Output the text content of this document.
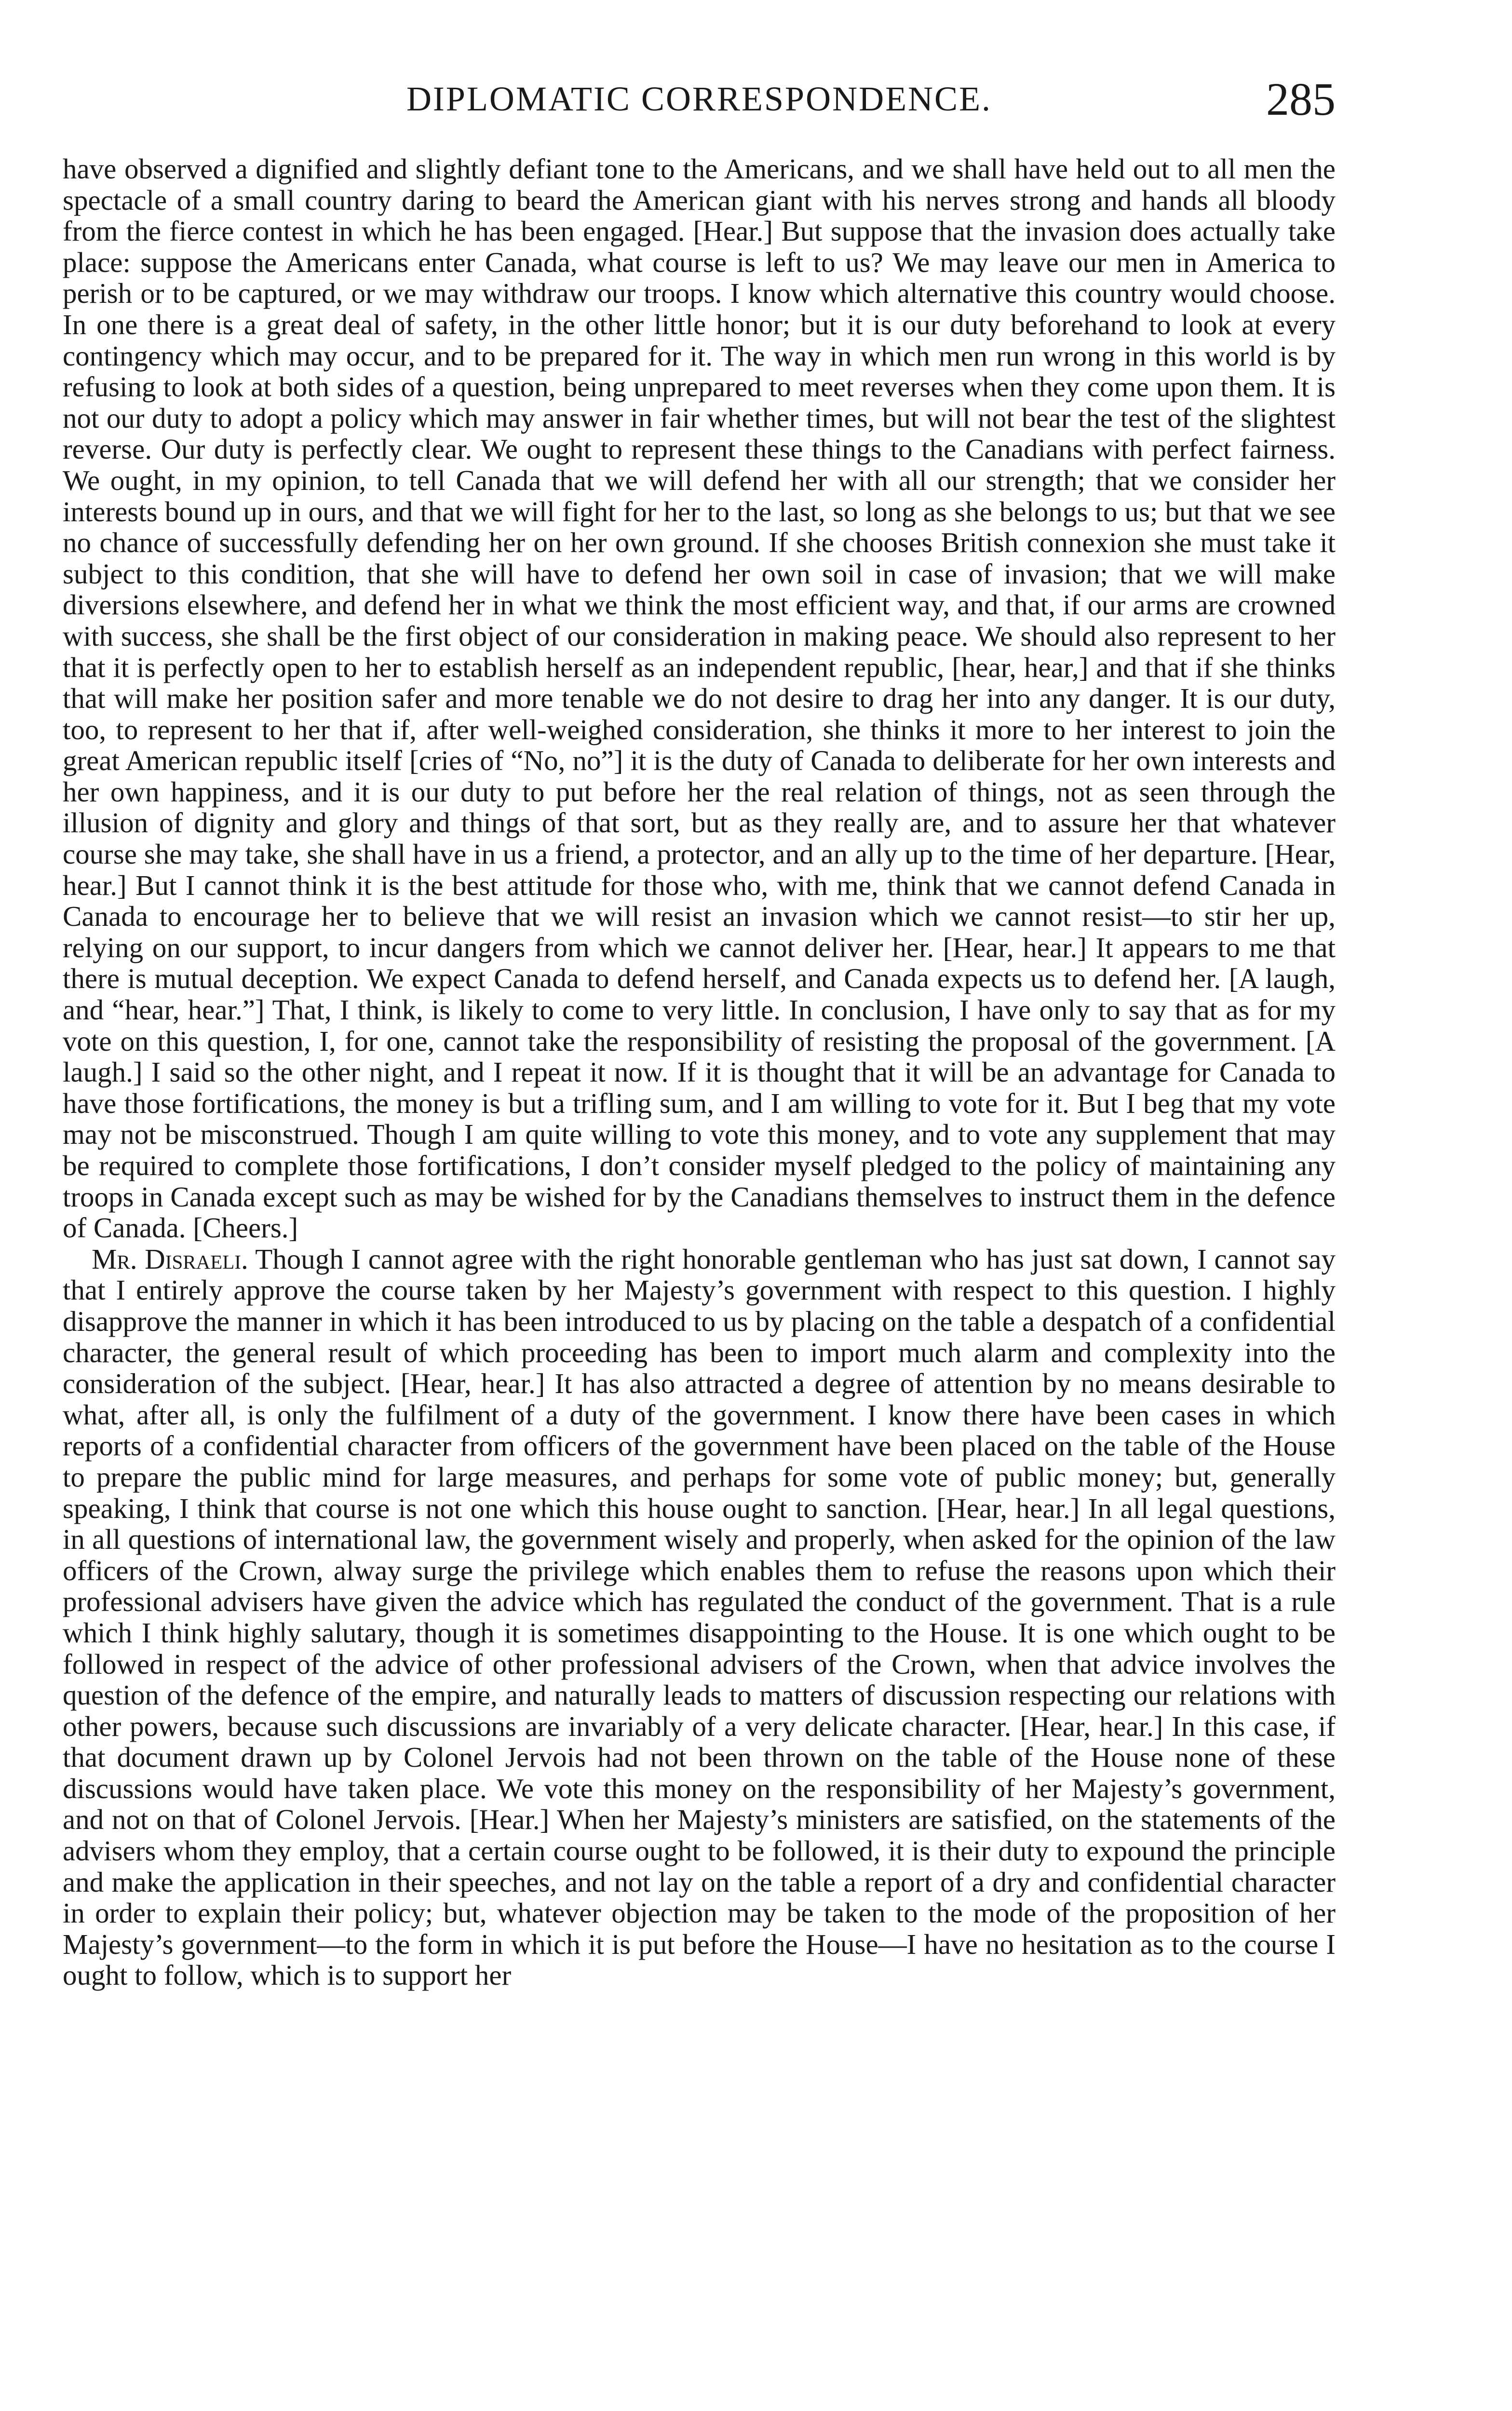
DIPLOMATIC CORRESPONDENCE.	285

have observed a dignified and slightly defiant tone to the Americans, and we shall have held out to all men the spectacle of a small country daring to beard the American giant with his nerves strong and hands all bloody from the fierce contest in which he has been engaged. [Hear.] But suppose that the invasion does actually take place: suppose the Americans enter Canada, what course is left to us? We may leave our men in America to perish or to be captured, or we may withdraw our troops. I know which alternative this country would choose. In one there is a great deal of safety, in the other little honor; but it is our duty beforehand to look at every contingency which may occur, and to be prepared for it. The way in which men run wrong in this world is by refusing to look at both sides of a question, being unprepared to meet reverses when they come upon them. It is not our duty to adopt a policy which may answer in fair whether times, but will not bear the test of the slightest reverse. Our duty is perfectly clear. We ought to represent these things to the Canadians with perfect fairness. We ought, in my opinion, to tell Canada that we will defend her with all our strength; that we consider her interests bound up in ours, and that we will fight for her to the last, so long as she belongs to us; but that we see no chance of successfully defending her on her own ground. If she chooses British connexion she must take it subject to this condition, that she will have to defend her own soil in case of invasion; that we will make diversions elsewhere, and defend her in what we think the most efficient way, and that, if our arms are crowned with success, she shall be the first object of our consideration in making peace. We should also represent to her that it is perfectly open to her to establish herself as an independent republic, [hear, hear,] and that if she thinks that will make her position safer and more tenable we do not desire to drag her into any danger. It is our duty, too, to represent to her that if, after well-weighed consideration, she thinks it more to her interest to join the great American republic itself [cries of “No, no”] it is the duty of Canada to deliberate for her own interests and her own happiness, and it is our duty to put before her the real relation of things, not as seen through the illusion of dignity and glory and things of that sort, but as they really are, and to assure her that whatever course she may take, she shall have in us a friend, a protector, and an ally up to the time of her departure. [Hear, hear.] But I cannot think it is the best attitude for those who, with me, think that we cannot defend Canada in Canada to encourage her to believe that we will resist an invasion which we cannot resist—to stir her up, relying on our support, to incur dangers from which we cannot deliver her. [Hear, hear.] It appears to me that there is mutual deception. We expect Canada to defend herself, and Canada expects us to defend her. [A laugh, and “hear, hear.”] That, I think, is likely to come to very little. In conclusion, I have only to say that as for my vote on this question, I, for one, cannot take the responsibility of resisting the proposal of the government. [A laugh.] I said so the other night, and I repeat it now. If it is thought that it will be an advantage for Canada to have those fortifications, the money is but a trifling sum, and I am willing to vote for it. But I beg that my vote may not be misconstrued. Though I am quite willing to vote this money, and to vote any supplement that may be required to complete those fortifications, I don’t consider myself pledged to the policy of maintaining any troops in Canada except such as may be wished for by the Canadians themselves to instruct them in the defence of Canada. [Cheers.]

Mr. Disraeli. Though I cannot agree with the right honorable gentleman who has just sat down, I cannot say that I entirely approve the course taken by her Majesty’s government with respect to this question. I highly disapprove the manner in which it has been introduced to us by placing on the table a despatch of a confidential character, the general result of which proceeding has been to import much alarm and complexity into the consideration of the subject. [Hear, hear.] It has also attracted a degree of attention by no means desirable to what, after all, is only the fulfilment of a duty of the government. I know there have been cases in which reports of a confidential character from officers of the government have been placed on the table of the House to prepare the public mind for large measures, and perhaps for some vote of public money; but, generally speaking, I think that course is not one which this house ought to sanction. [Hear, hear.] In all legal questions, in all questions of international law, the government wisely and properly, when asked for the opinion of the law officers of the Crown, alway surge the privilege which enables them to refuse the reasons upon which their professional advisers have given the advice which has regulated the conduct of the government. That is a rule which I think highly salutary, though it is sometimes disappointing to the House. It is one which ought to be followed in respect of the advice of other professional advisers of the Crown, when that advice involves the question of the defence of the empire, and naturally leads to matters of discussion respecting our relations with other powers, because such discussions are invariably of a very delicate character. [Hear, hear.] In this case, if that document drawn up by Colonel Jervois had not been thrown on the table of the House none of these discussions would have taken place. We vote this money on the responsibility of her Majesty’s government, and not on that of Colonel Jervois. [Hear.] When her Majesty’s ministers are satisfied, on the statements of the advisers whom they employ, that a certain course ought to be followed, it is their duty to expound the principle and make the application in their speeches, and not lay on the table a report of a dry and confidential character in order to explain their policy; but, whatever objection may be taken to the mode of the proposition of her Majesty’s government—to the form in which it is put before the House—I have no hesitation as to the course I ought to follow, which is to support her
